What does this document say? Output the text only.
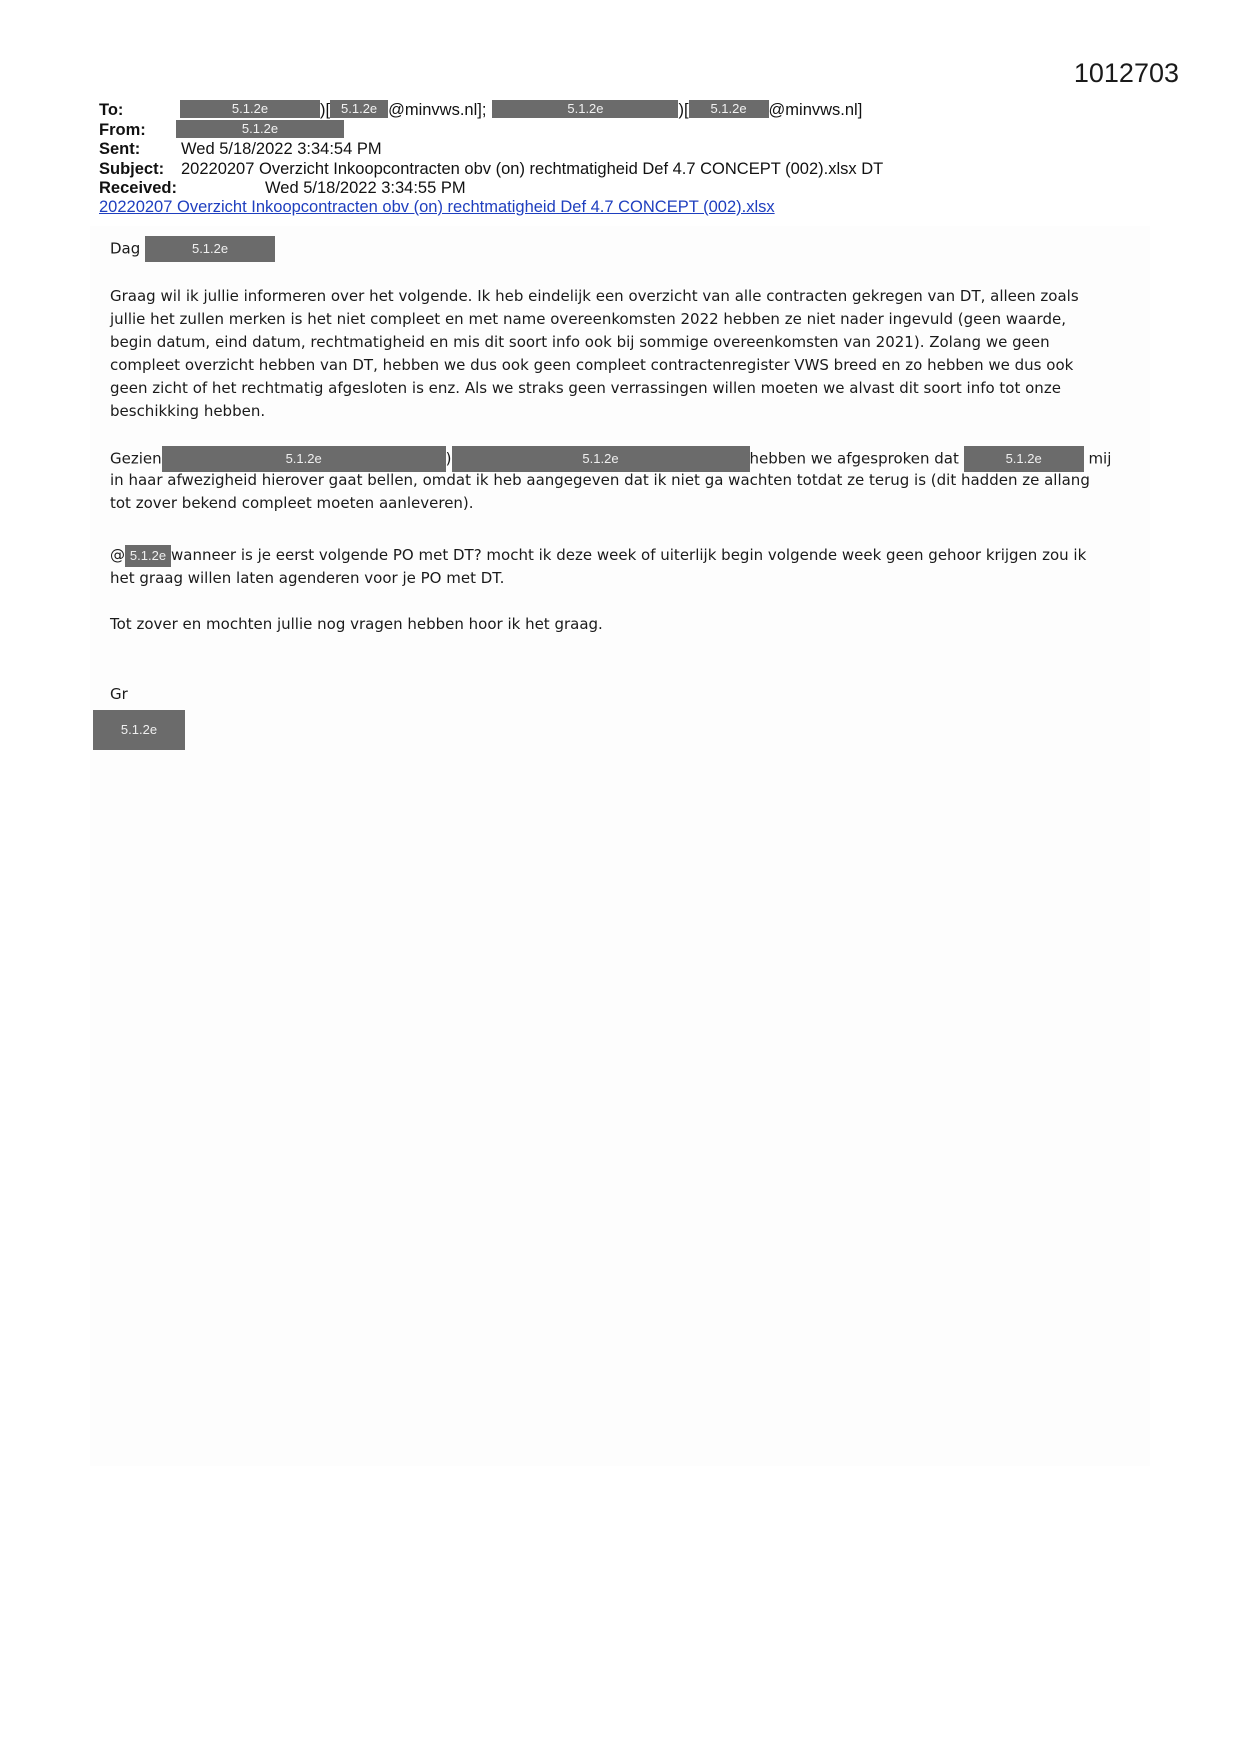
1012703
To:	5.1.2e	)[ 5.1.2e @minvws.nl];	5.1.2e	)[ 5.1.2e @minvws.nl]
From:	5.1.2e
Sent: Wed 5/18/2022 3:34:54 PM
Subject: 20220207 Overzicht Inkoopcontracten obv (on) rechtmatigheid Def 4.7 CONCEPT (002).xlsx DT
Received:	Wed 5/18/2022 3:34:55 PM
20220207 Overzicht Inkoopcontracten obv (on) rechtmatigheid Def 4.7 CONCEPT (002).xlsx
Dag	5.1.2e
Graag wil ik jullie informeren over het volgende. Ik heb eindelijk een overzicht van alle contracten gekregen van DT, alleen zoals
jullie het zullen merken is het niet compleet en met name overeenkomsten 2022 hebben ze niet nader ingevuld (geen waarde,
begin datum, eind datum, rechtmatigheid en mis dit soort info ook bij sommige overeenkomsten van 2021). Zolang we geen
compleet overzicht hebben van DT, hebben we dus ook geen compleet contractenregister VWS breed en zo hebben we dus ook
geen zicht of het rechtmatig afgesloten is enz. Als we straks geen verrassingen willen moeten we alvast dit soort info tot onze
beschikking hebben.
Gezien	5.1.2e	)	5.1.2e	hebben we afgesproken dat	5.1.2e	mij
in haar afwezigheid hierover gaat bellen, omdat ik heb aangegeven dat ik niet ga wachten totdat ze terug is (dit hadden ze allang
tot zover bekend compleet moeten aanleveren).
@ 5.1.2e wanneer is je eerst volgende PO met DT? mocht ik deze week of uiterlijk begin volgende week geen gehoor krijgen zou ik
het graag willen laten agenderen voor je PO met DT.
Tot zover en mochten jullie nog vragen hebben hoor ik het graag.
Gr
5.1.2e
